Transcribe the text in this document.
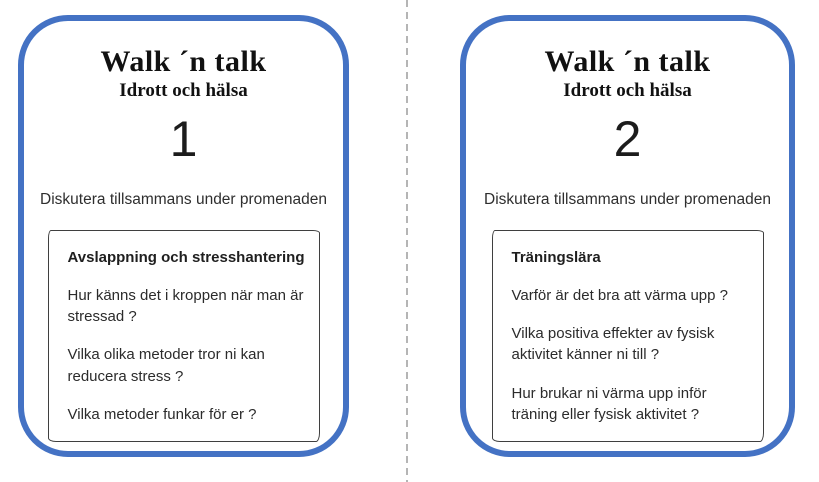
Walk ´n talk
Idrott och hälsa
1
Diskutera tillsammans under promenaden

Avslappning och stresshantering

Hur känns det i kroppen när man är stressad ?

Vilka olika metoder tror ni kan reducera stress ?

Vilka metoder funkar för er ?

Walk ´n talk
Idrott och hälsa
2
Diskutera tillsammans under promenaden

Träningslära

Varför är det bra att värma upp ?

Vilka positiva effekter av fysisk aktivitet känner ni till ?

Hur brukar ni värma upp inför träning eller fysisk aktivitet ?
